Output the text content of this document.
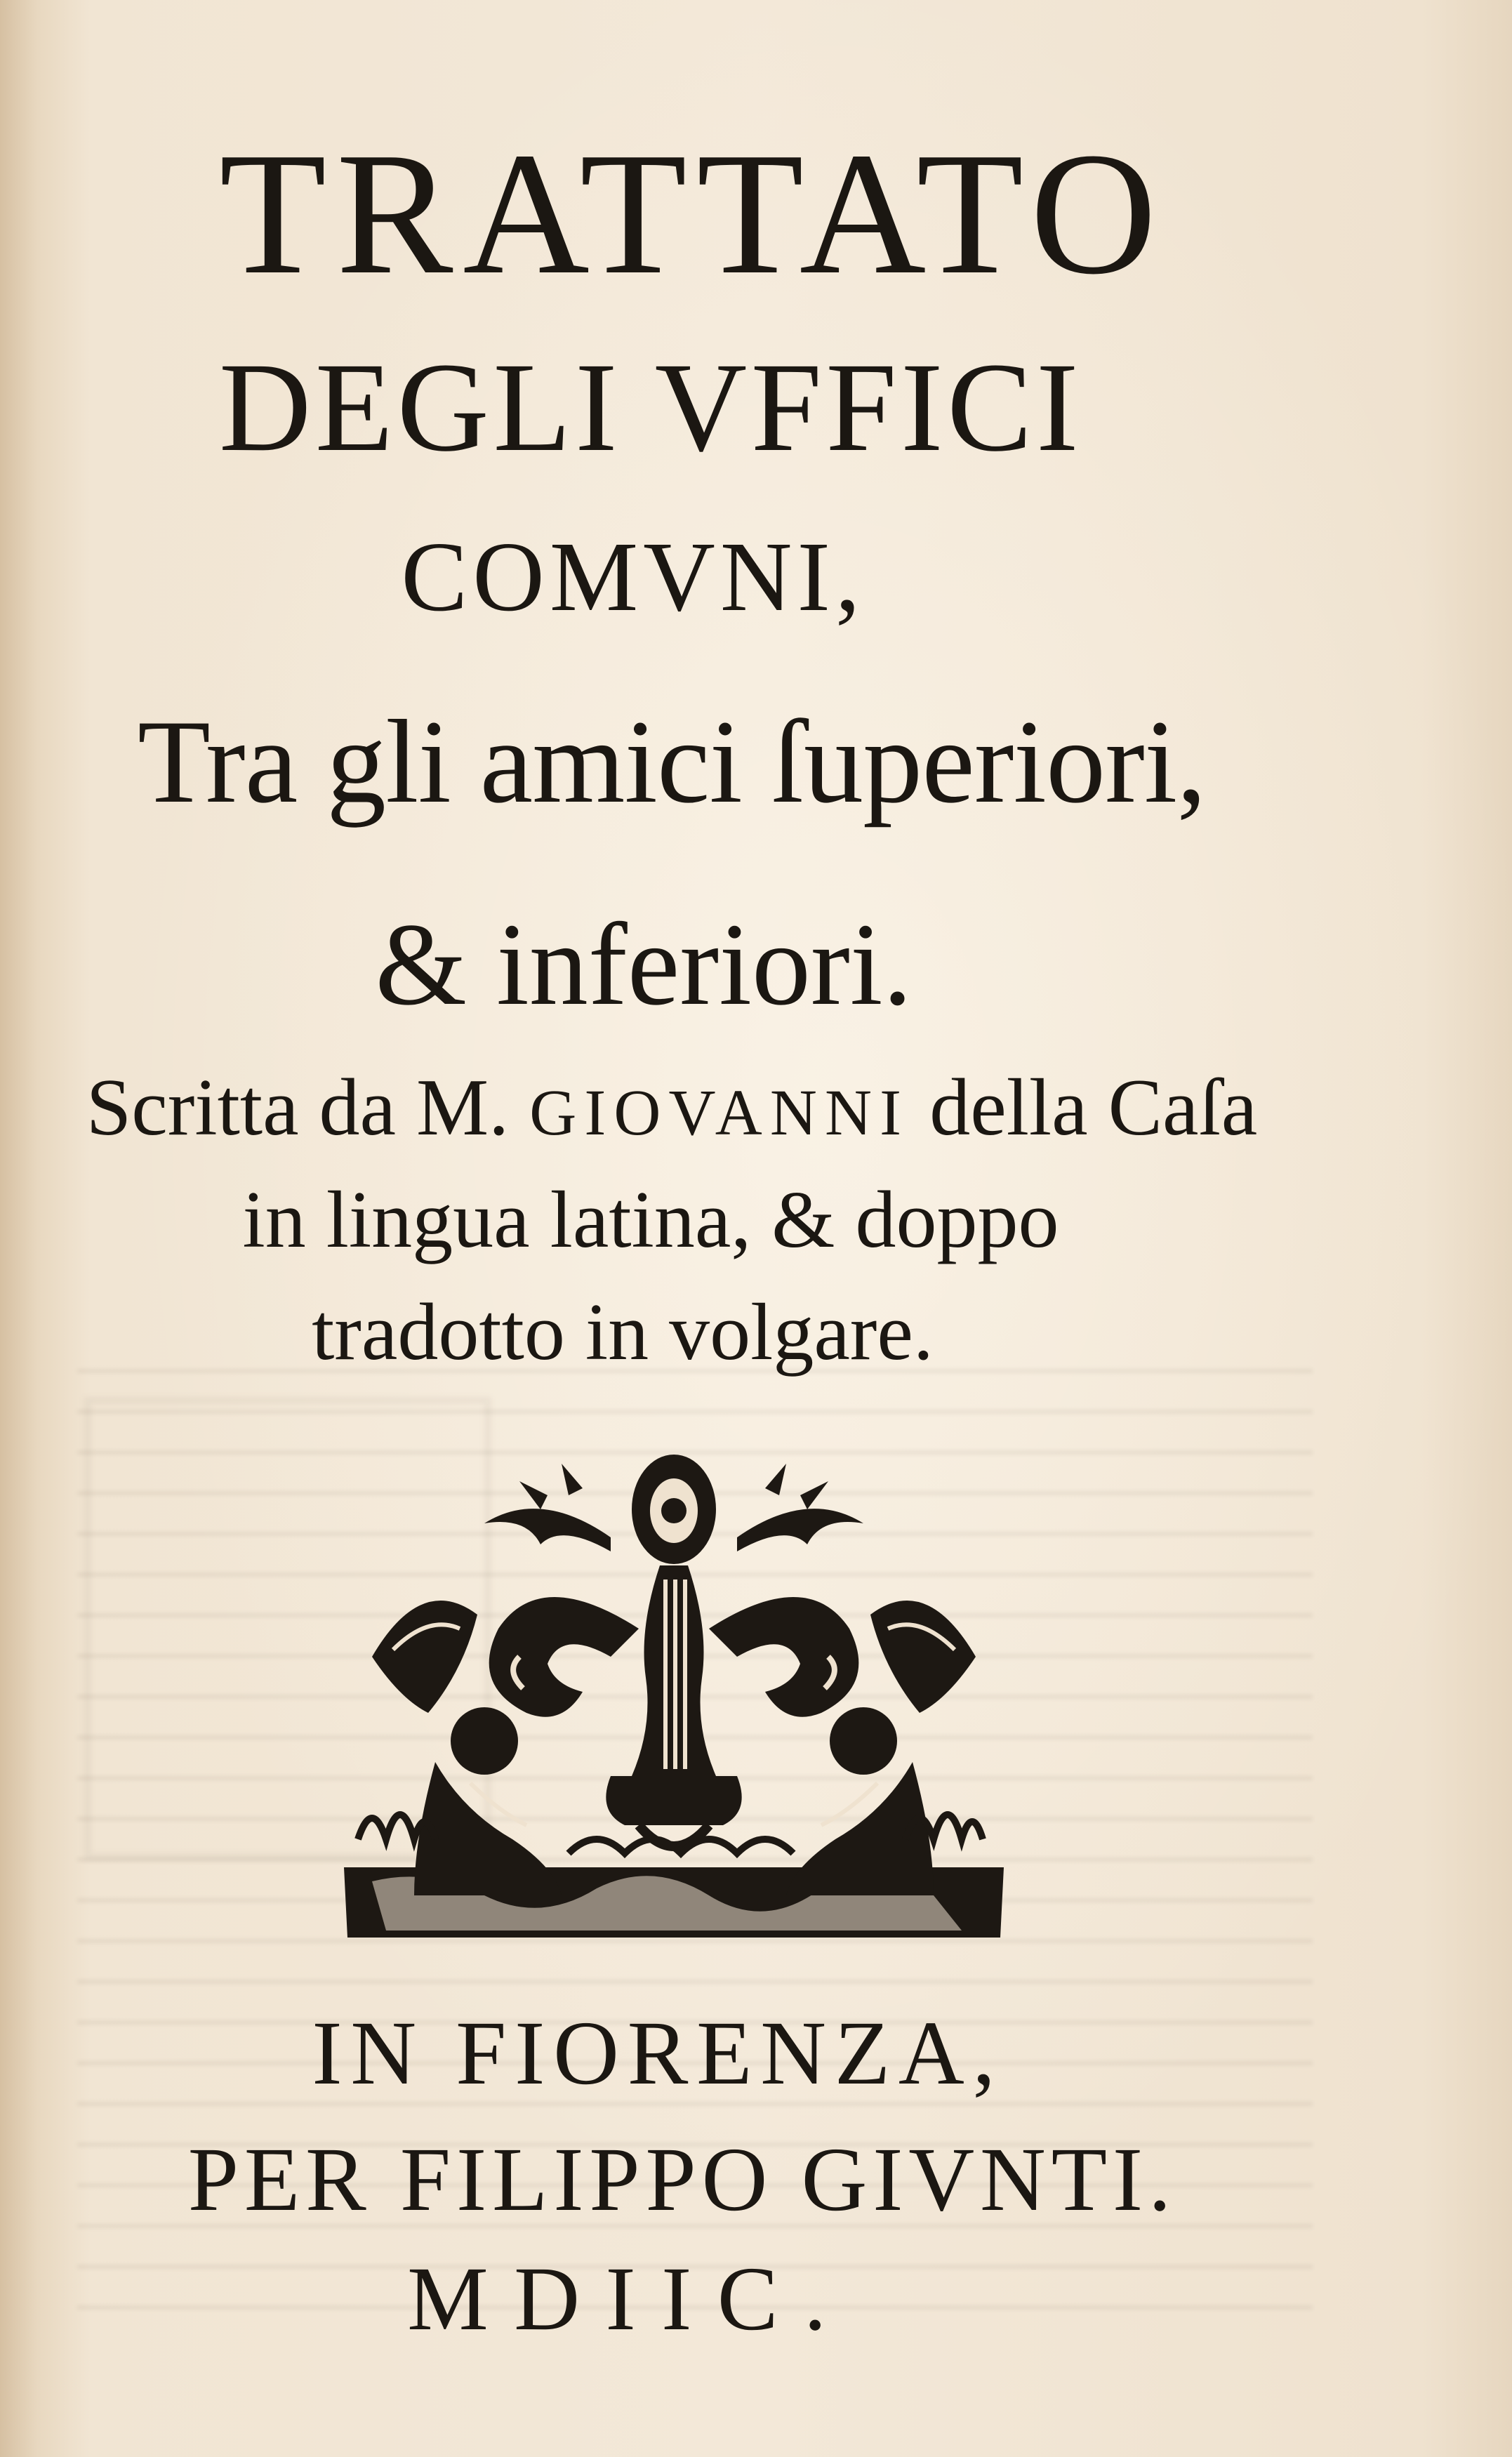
TRATTATO

DEGLI VFFICI

COMVNI,

Tra gli amici ſuperiori,

& inferiori.

Scritta da M. GIOVANNI della Caſa

in lingua latina, & doppo

tradotto in volgare.

IN FIORENZA,

PER FILIPPO GIVNTI.

MDIIC.
